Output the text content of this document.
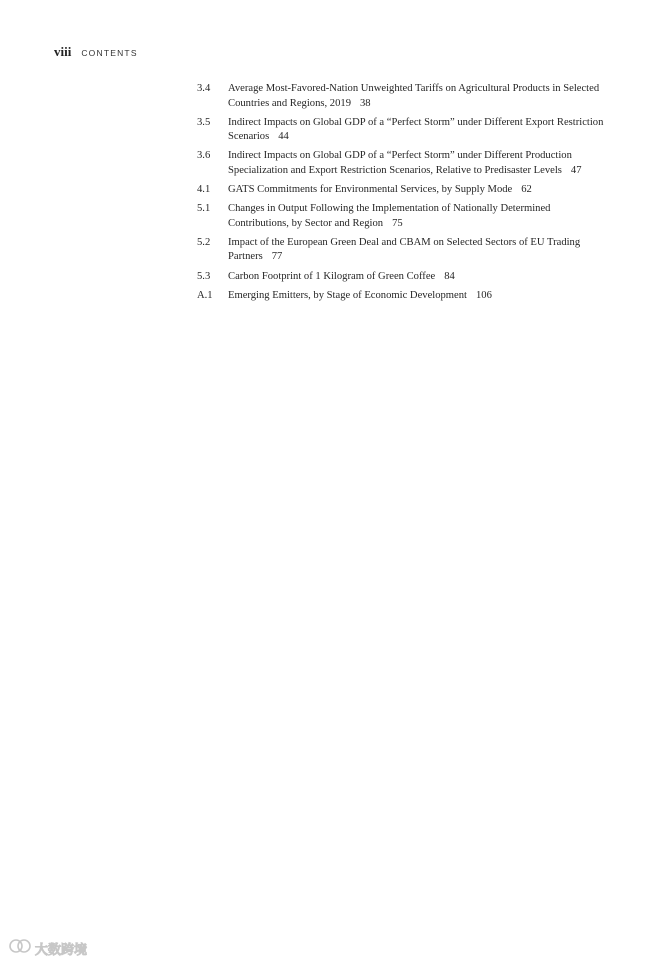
viii CONTENTS
3.4	Average Most-Favored-Nation Unweighted Tariffs on Agricultural Products in Selected Countries and Regions, 2019 38
3.5	Indirect Impacts on Global GDP of a “Perfect Storm” under Different Export Restriction Scenarios 44
3.6	Indirect Impacts on Global GDP of a “Perfect Storm” under Different Production Specialization and Export Restriction Scenarios, Relative to Predisaster Levels 47
4.1	GATS Commitments for Environmental Services, by Supply Mode 62
5.1	Changes in Output Following the Implementation of Nationally Determined Contributions, by Sector and Region 75
5.2	Impact of the European Green Deal and CBAM on Selected Sectors of EU Trading Partners 77
5.3	Carbon Footprint of 1 Kilogram of Green Coffee 84
A.1	Emerging Emitters, by Stage of Economic Development 106
大数跨境
